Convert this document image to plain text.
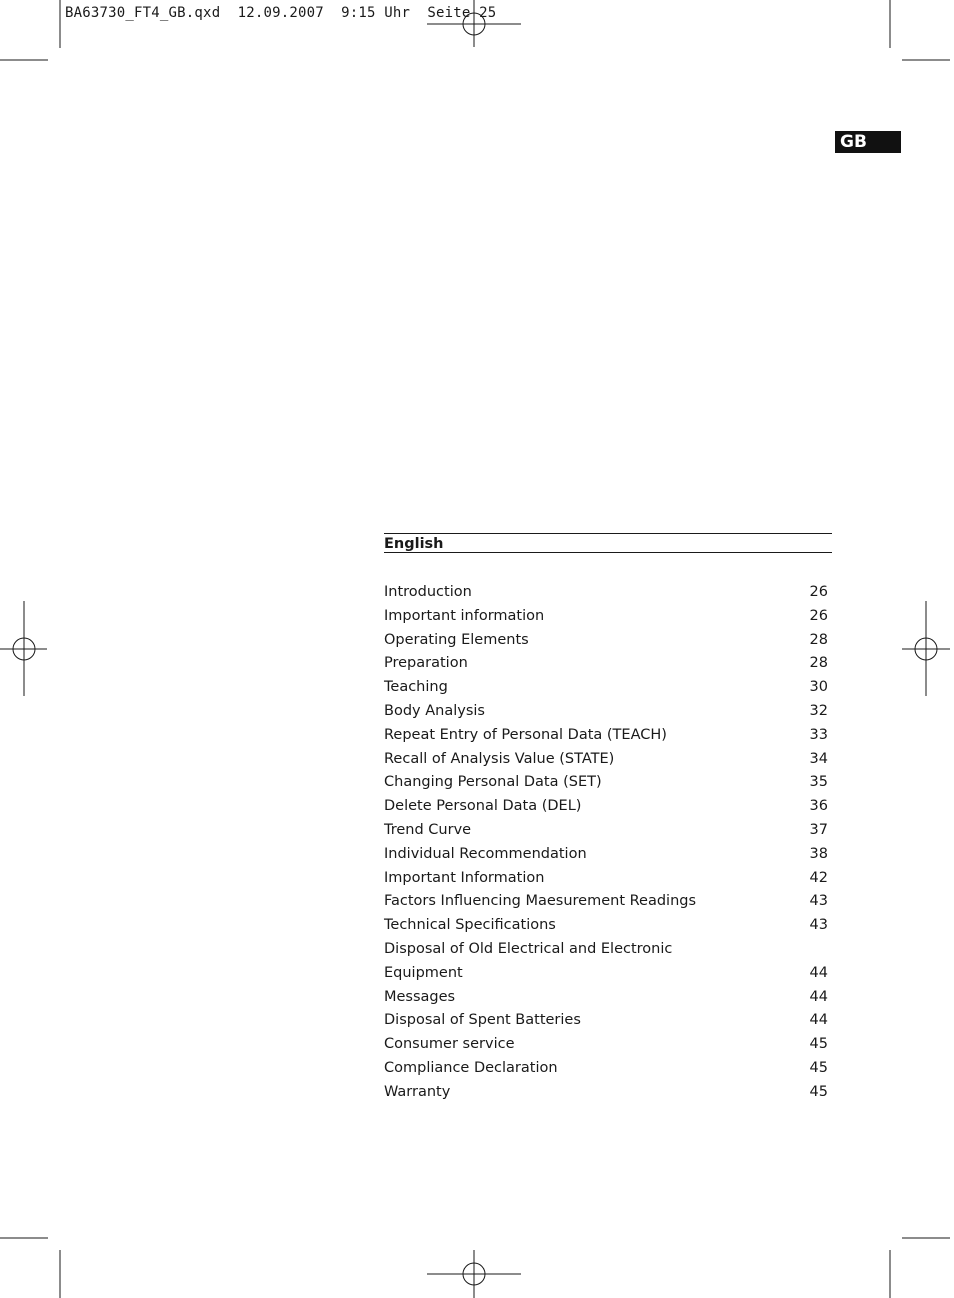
BA63730_FT4_GB.qxd  12.09.2007  9:15 Uhr  Seite 25
GB
English
Introduction	26
Important information	26
Operating Elements	28
Preparation	28
Teaching	30
Body Analysis	32
Repeat Entry of Personal Data (TEACH)	33
Recall of Analysis Value (STATE)	34
Changing Personal Data (SET)	35
Delete Personal Data (DEL)	36
Trend Curve	37
Individual Recommendation	38
Important Information	42
Factors Influencing Maesurement Readings	43
Technical Specifications	43
Disposal of Old Electrical and Electronic
Equipment	44
Messages	44
Disposal of Spent Batteries	44
Consumer service	45
Compliance Declaration	45
Warranty	45
